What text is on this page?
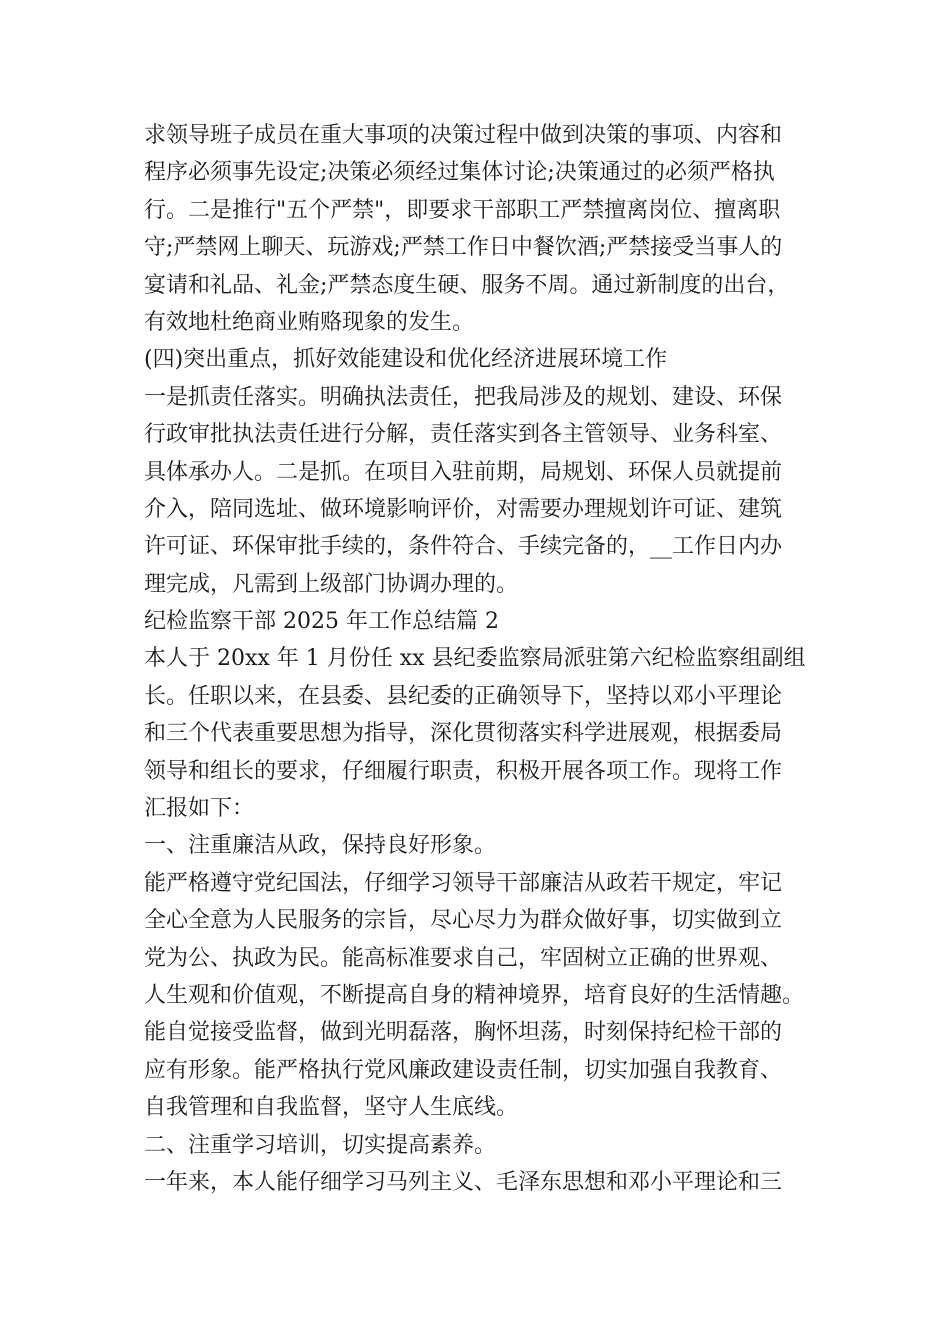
求领导班子成员在重大事项的决策过程中做到决策的事项、内容和
程序必须事先设定;决策必须经过集体讨论;决策通过的必须严格执
行。二是推行"五个严禁"，即要求干部职工严禁擅离岗位、擅离职
守;严禁网上聊天、玩游戏;严禁工作日中餐饮酒;严禁接受当事人的
宴请和礼品、礼金;严禁态度生硬、服务不周。通过新制度的出台，
有效地杜绝商业贿赂现象的发生。
(四)突出重点，抓好效能建设和优化经济进展环境工作
一是抓责任落实。明确执法责任，把我局涉及的规划、建设、环保
行政审批执法责任进行分解，责任落实到各主管领导、业务科室、
具体承办人。二是抓。在项目入驻前期，局规划、环保人员就提前
介入，陪同选址、做环境影响评价，对需要办理规划许可证、建筑
许可证、环保审批手续的，条件符合、手续完备的，__工作日内办
理完成，凡需到上级部门协调办理的。
纪检监察干部 2025 年工作总结篇 2
本人于 20xx 年 1 月份任 xx 县纪委监察局派驻第六纪检监察组副组
长。任职以来，在县委、县纪委的正确领导下，坚持以邓小平理论
和三个代表重要思想为指导，深化贯彻落实科学进展观，根据委局
领导和组长的要求，仔细履行职责，积极开展各项工作。现将工作
汇报如下：
一、注重廉洁从政，保持良好形象。
能严格遵守党纪国法，仔细学习领导干部廉洁从政若干规定，牢记
全心全意为人民服务的宗旨，尽心尽力为群众做好事，切实做到立
党为公、执政为民。能高标准要求自己，牢固树立正确的世界观、
人生观和价值观，不断提高自身的精神境界，培育良好的生活情趣。
能自觉接受监督，做到光明磊落，胸怀坦荡，时刻保持纪检干部的
应有形象。能严格执行党风廉政建设责任制，切实加强自我教育、
自我管理和自我监督，坚守人生底线。
二、注重学习培训，切实提高素养。
一年来，本人能仔细学习马列主义、毛泽东思想和邓小平理论和三
